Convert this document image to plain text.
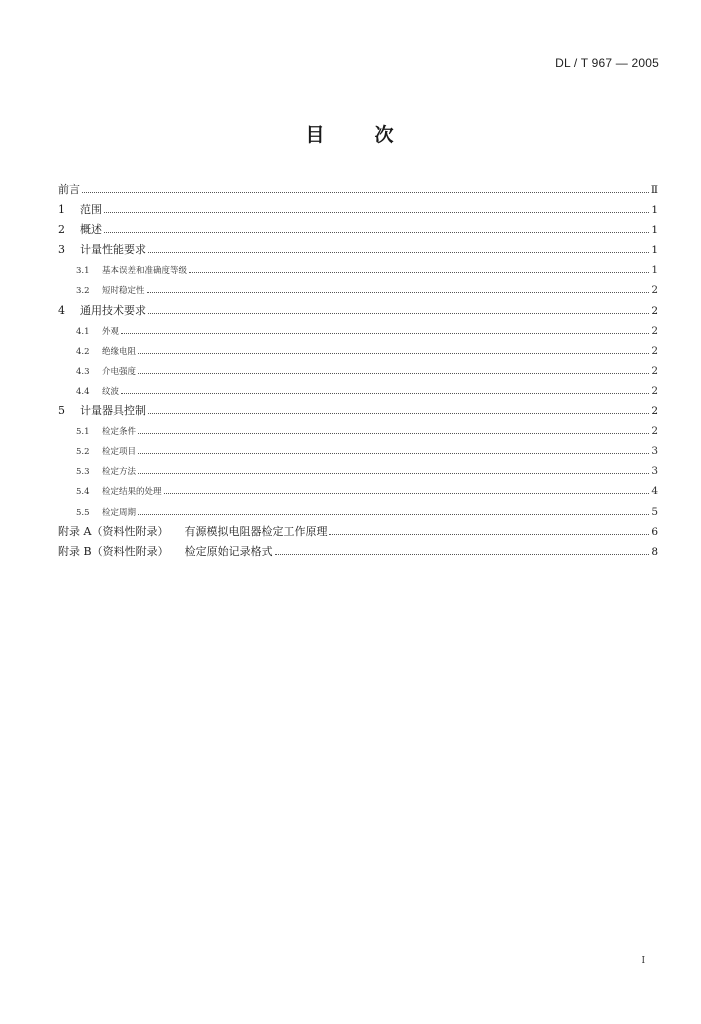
DL / T 967 — 2005
目	次
前言	Ⅱ
1	范围	1
2	概述	1
3	计量性能要求	1
3.1	基本误差和准确度等级	1
3.2	短时稳定性	2
4	通用技术要求	2
4.1	外观	2
4.2	绝缘电阻	2
4.3	介电强度	2
4.4	纹波	2
5	计量器具控制	2
5.1	检定条件	2
5.2	检定项目	3
5.3	检定方法	3
5.4	检定结果的处理	4
5.5	检定周期	5
附录 A（资料性附录） 有源模拟电阻器检定工作原理	6
附录 B（资料性附录） 检定原始记录格式	8
I
